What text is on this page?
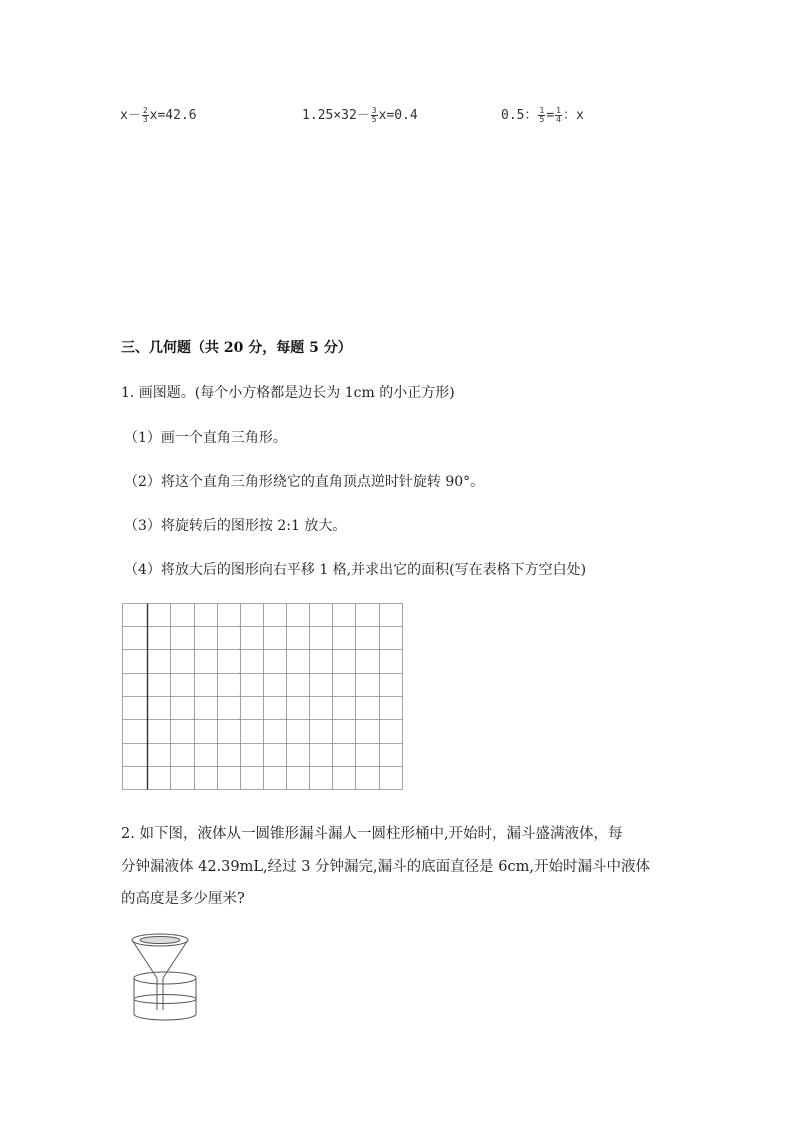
$x- \frac{2}{3} x=42.6$	$1.25\times 32- \frac{3}{5} x=0.4$	0.5： $\frac{1}{5} = \frac{1}{4}$ ：x
三、几何题（共 20 分，每题 5 分）
1. 画图题。(每个小方格都是边长为 1cm 的小正方形)
（1）画一个直角三角形。
（2）将这个直角三角形绕它的直角顶点逆时针旋转 90°。
（3）将旋转后的图形按 2:1 放大。
（4）将放大后的图形向右平移 1 格,并求出它的面积(写在表格下方空白处)
2. 如下图，液体从一圆锥形漏斗漏人一圆柱形桶中,开始时，漏斗盛满液体，每
分钟漏液体 42.39mL,经过 3 分钟漏完,漏斗的底面直径是 6cm,开始时漏斗中液体
的高度是多少厘米?
